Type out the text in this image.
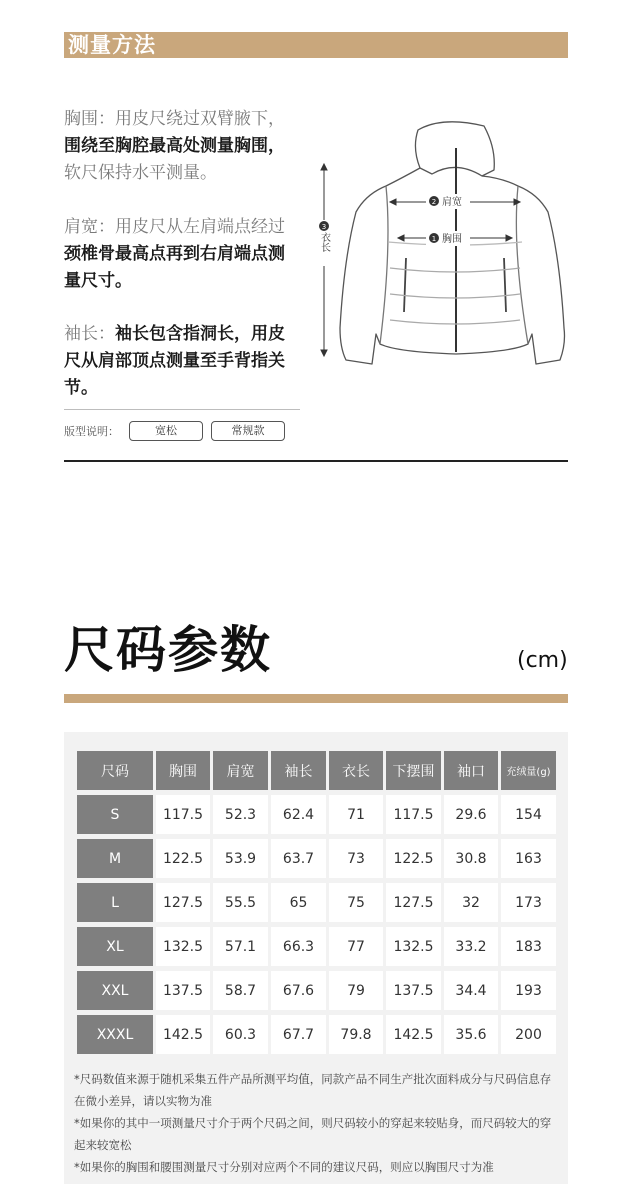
测量方法
胸围：用皮尺绕过双臂腋下，围绕至胸腔最高处测量胸围，软尺保持水平测量。
肩宽：用皮尺从左肩端点经过颈椎骨最高点再到右肩端点测量尺寸。
袖长：袖长包含指洞长，用皮尺从肩部顶点测量至手背指关节。
版型说明：	宽松	常规款
2 肩宽
1 胸围
3
衣长
尺码参数	(cm)
尺码	胸围	肩宽	袖长	衣长	下摆围	袖口	充绒量(g)
S	117.5	52.3	62.4	71	117.5	29.6	154
M	122.5	53.9	63.7	73	122.5	30.8	163
L	127.5	55.5	65	75	127.5	32	173
XL	132.5	57.1	66.3	77	132.5	33.2	183
XXL	137.5	58.7	67.6	79	137.5	34.4	193
XXXL	142.5	60.3	67.7	79.8	142.5	35.6	200

*尺码数值来源于随机采集五件产品所测平均值，同款产品不同生产批次面料成分与尺码信息存在微小差异，请以实物为准

*如果你的其中一项测量尺寸介于两个尺码之间，则尺码较小的穿起来较贴身，而尺码较大的穿起来较宽松

*如果你的胸围和腰围测量尺寸分别对应两个不同的建议尺码，则应以胸围尺寸为准
